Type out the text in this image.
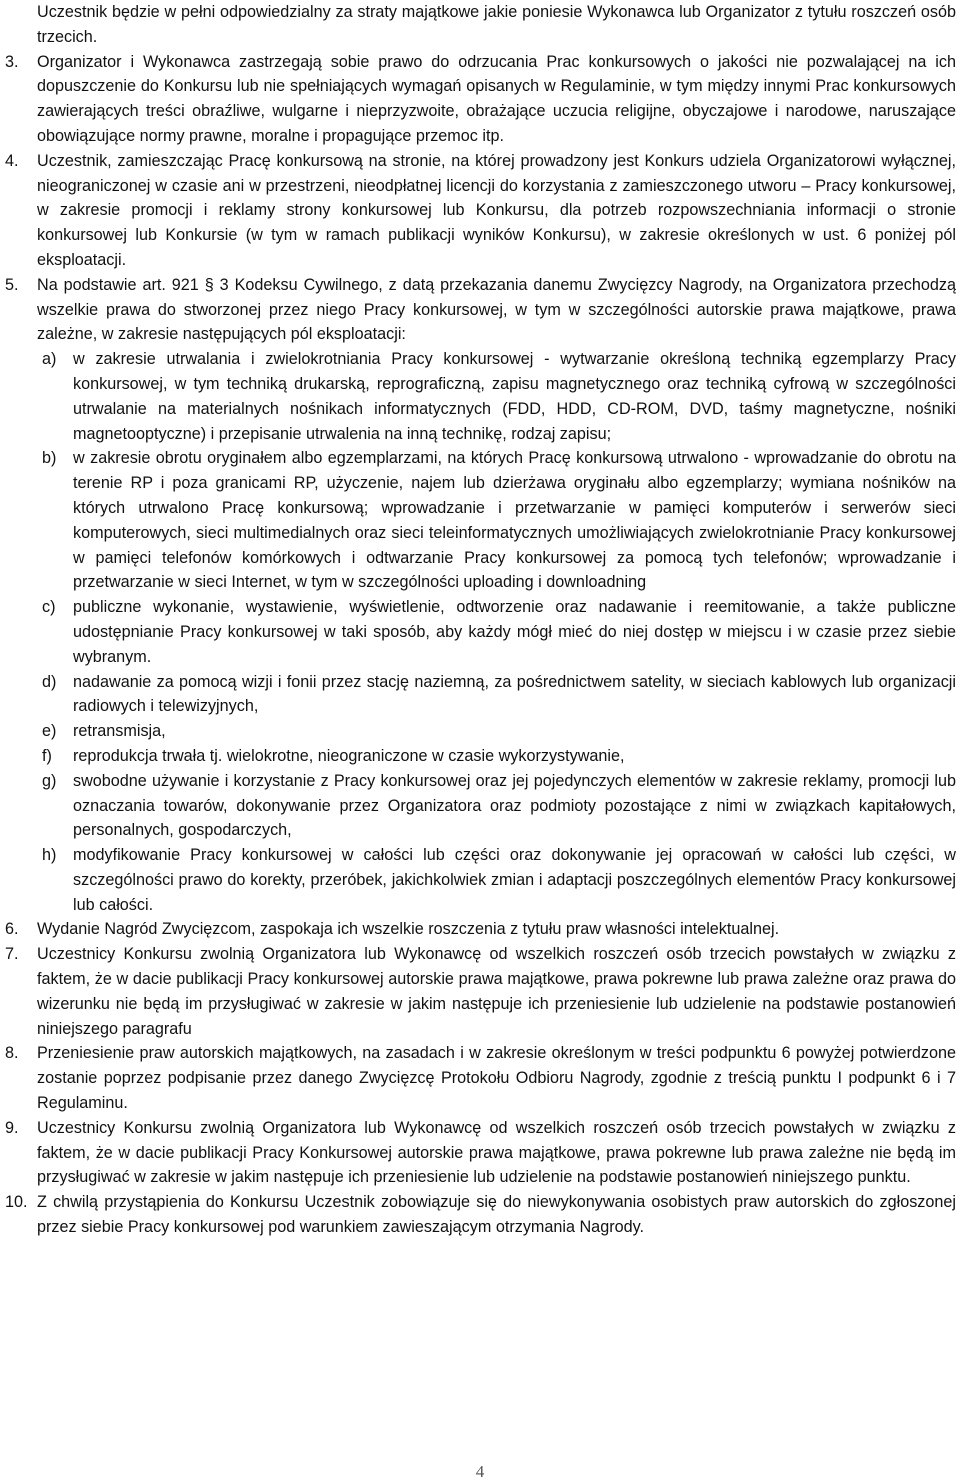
Uczestnik będzie w pełni odpowiedzialny za straty majątkowe jakie poniesie Wykonawca lub Organizator z tytułu roszczeń osób trzecich.

3. Organizator i Wykonawca zastrzegają sobie prawo do odrzucania Prac konkursowych o jakości nie pozwalającej na ich dopuszczenie do Konkursu lub nie spełniających wymagań opisanych w Regulaminie, w tym między innymi Prac konkursowych zawierających treści obraźliwe, wulgarne i nieprzyzwoite, obrażające uczucia religijne, obyczajowe i narodowe, naruszające obowiązujące normy prawne, moralne i propagujące przemoc itp.

4. Uczestnik, zamieszczając Pracę konkursową na stronie, na której prowadzony jest Konkurs udziela Organizatorowi wyłącznej, nieograniczonej w czasie ani w przestrzeni, nieodpłatnej licencji do korzystania z zamieszczonego utworu – Pracy konkursowej, w zakresie promocji i reklamy strony konkursowej lub Konkursu, dla potrzeb rozpowszechniania informacji o stronie konkursowej lub Konkursie (w tym w ramach publikacji wyników Konkursu), w zakresie określonych w ust. 6 poniżej pól eksploatacji.

5. Na podstawie art. 921 § 3 Kodeksu Cywilnego, z datą przekazania danemu Zwycięzcy Nagrody, na Organizatora przechodzą wszelkie prawa do stworzonej przez niego Pracy konkursowej, w tym w szczególności autorskie prawa majątkowe, prawa zależne, w zakresie następujących pól eksploatacji:

a) w zakresie utrwalania i zwielokrotniania Pracy konkursowej - wytwarzanie określoną techniką egzemplarzy Pracy konkursowej, w tym techniką drukarską, reprograficzną, zapisu magnetycznego oraz techniką cyfrową w szczególności utrwalanie na materialnych nośnikach informatycznych (FDD, HDD, CD-ROM, DVD, taśmy magnetyczne, nośniki magnetooptyczne) i przepisanie utrwalenia na inną technikę, rodzaj zapisu;

b) w zakresie obrotu oryginałem albo egzemplarzami, na których Pracę konkursową utrwalono - wprowadzanie do obrotu na terenie RP i poza granicami RP, użyczenie, najem lub dzierżawa oryginału albo egzemplarzy; wymiana nośników na których utrwalono Pracę konkursową; wprowadzanie i przetwarzanie w pamięci komputerów i serwerów sieci komputerowych, sieci multimedialnych oraz sieci teleinformatycznych umożliwiających zwielokrotnianie Pracy konkursowej w pamięci telefonów komórkowych i odtwarzanie Pracy konkursowej za pomocą tych telefonów; wprowadzanie i przetwarzanie w sieci Internet, w tym w szczególności uploading i downloadning

c) publiczne wykonanie, wystawienie, wyświetlenie, odtworzenie oraz nadawanie i reemitowanie, a także publiczne udostępnianie Pracy konkursowej w taki sposób, aby każdy mógł mieć do niej dostęp w miejscu i w czasie przez siebie wybranym.

d) nadawanie za pomocą wizji i fonii przez stację naziemną, za pośrednictwem satelity, w sieciach kablowych lub organizacji radiowych i telewizyjnych,

e) retransmisja,

f) reprodukcja trwała tj. wielokrotne, nieograniczone w czasie wykorzystywanie,

g) swobodne używanie i korzystanie z Pracy konkursowej oraz jej pojedynczych elementów w zakresie reklamy, promocji lub oznaczania towarów, dokonywanie przez Organizatora oraz podmioty pozostające z nimi w związkach kapitałowych, personalnych, gospodarczych,

h) modyfikowanie Pracy konkursowej w całości lub części oraz dokonywanie jej opracowań w całości lub części, w szczególności prawo do korekty, przeróbek, jakichkolwiek zmian i adaptacji poszczególnych elementów Pracy konkursowej lub całości.

6. Wydanie Nagród Zwycięzcom, zaspokaja ich wszelkie roszczenia z tytułu praw własności intelektualnej.

7. Uczestnicy Konkursu zwolnią Organizatora lub Wykonawcę od wszelkich roszczeń osób trzecich powstałych w związku z faktem, że w dacie publikacji Pracy konkursowej autorskie prawa majątkowe, prawa pokrewne lub prawa zależne oraz prawa do wizerunku nie będą im przysługiwać w zakresie w jakim następuje ich przeniesienie lub udzielenie na podstawie postanowień niniejszego paragrafu

8. Przeniesienie praw autorskich majątkowych, na zasadach i w zakresie określonym w treści podpunktu 6 powyżej potwierdzone zostanie poprzez podpisanie przez danego Zwycięzcę Protokołu Odbioru Nagrody, zgodnie z treścią punktu I podpunkt 6 i 7 Regulaminu.

9. Uczestnicy Konkursu zwolnią Organizatora lub Wykonawcę od wszelkich roszczeń osób trzecich powstałych w związku z faktem, że w dacie publikacji Pracy Konkursowej autorskie prawa majątkowe, prawa pokrewne lub prawa zależne nie będą im przysługiwać w zakresie w jakim następuje ich przeniesienie lub udzielenie na podstawie postanowień niniejszego punktu.

10. Z chwilą przystąpienia do Konkursu Uczestnik zobowiązuje się do niewykonywania osobistych praw autorskich do zgłoszonej przez siebie Pracy konkursowej pod warunkiem zawieszającym otrzymania Nagrody.

4
